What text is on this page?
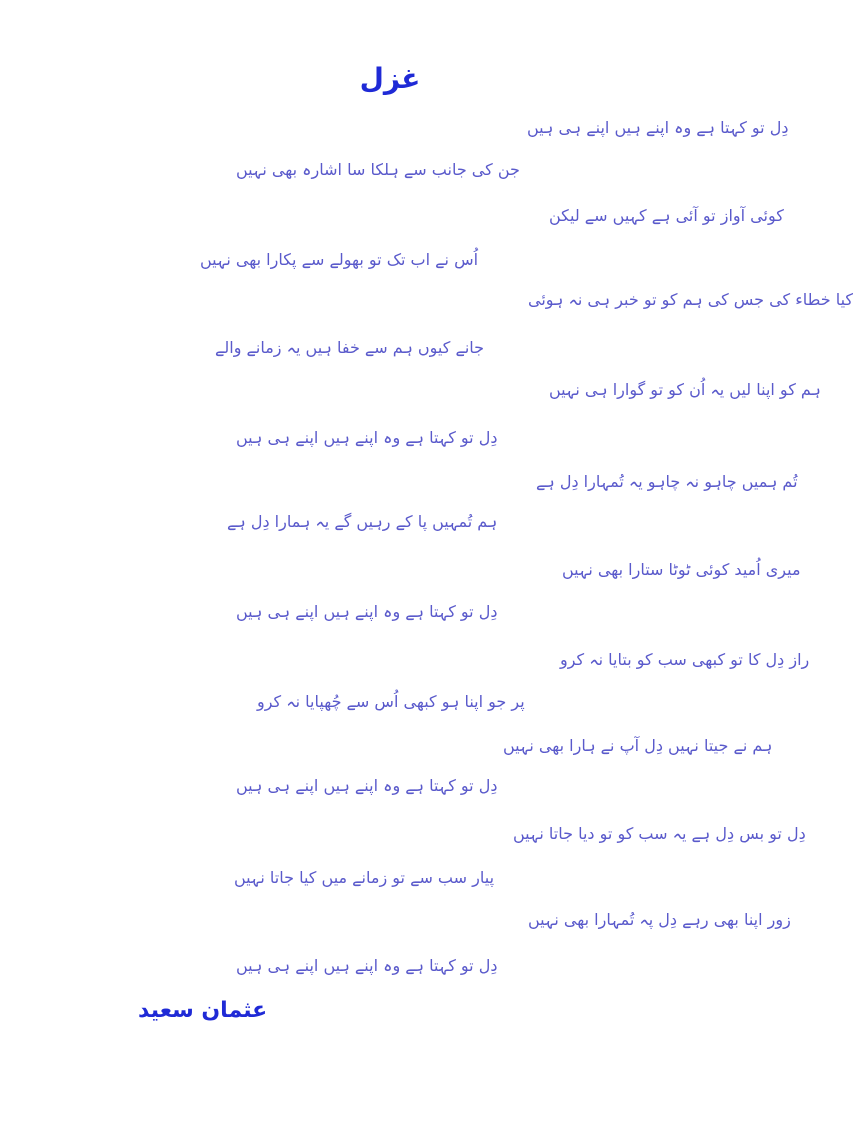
غزل
دِل تو کہتا ہے وہ اپنے ہیں اپنے ہی ہیں
جن کی جانب سے ہلکا سا اشارہ بھی نہیں
کوئی آواز تو آئی ہے کہیں سے لیکن
اُس نے اب تک تو بھولے سے پکارا بھی نہیں
کیا خطاء کی جس کی ہم کو تو خبر ہی نہ ہوئی
جانے کیوں ہم سے خفا ہیں یہ زمانے والے
ہم کو اپنا لیں یہ اُن کو تو گوارا ہی نہیں
دِل تو کہتا ہے وہ اپنے ہیں اپنے ہی ہیں
تُم ہمیں چاہو نہ چاہو یہ تُمہارا دِل ہے
ہم تُمہیں پا کے رہیں گے یہ ہمارا دِل ہے
میری اُمید کوئی ٹوٹا ستارا بھی نہیں
دِل تو کہتا ہے وہ اپنے ہیں اپنے ہی ہیں
راز دِل کا تو کبھی سب کو بتایا نہ کرو
پر جو اپنا ہو کبھی اُس سے چُھپایا نہ کرو
ہم نے جیتا نہیں دِل آپ نے ہارا بھی نہیں
دِل تو کہتا ہے وہ اپنے ہیں اپنے ہی ہیں
دِل تو بس دِل ہے یہ سب کو تو دیا جاتا نہیں
پیار سب سے تو زمانے میں کیا جاتا نہیں
زور اپنا بھی رہے دِل پہ تُمہارا بھی نہیں
دِل تو کہتا ہے وہ اپنے ہیں اپنے ہی ہیں
عثمان سعید
